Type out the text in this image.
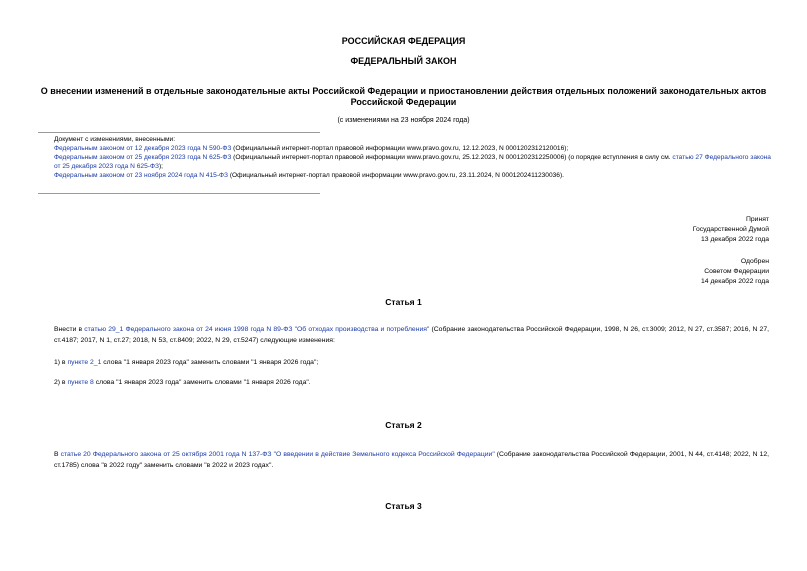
РОССИЙСКАЯ ФЕДЕРАЦИЯ
ФЕДЕРАЛЬНЫЙ ЗАКОН
О внесении изменений в отдельные законодательные акты Российской Федерации и приостановлении действия отдельных положений законодательных актов Российской Федерации
(с изменениями на 23 ноября 2024 года)
Документ с изменениями, внесенными:
Федеральным законом от 12 декабря 2023 года N 590-ФЗ (Официальный интернет-портал правовой информации www.pravo.gov.ru, 12.12.2023, N 0001202312120016);
Федеральным законом от 25 декабря 2023 года N 625-ФЗ (Официальный интернет-портал правовой информации www.pravo.gov.ru, 25.12.2023, N 0001202312250006) (о порядке вступления в силу см. статью 27 Федерального закона от 25 декабря 2023 года N 625-ФЗ);
Федеральным законом от 23 ноября 2024 года N 415-ФЗ (Официальный интернет-портал правовой информации www.pravo.gov.ru, 23.11.2024, N 0001202411230036).
Принят
Государственной Думой
13 декабря 2022 года
Одобрен
Советом Федерации
14 декабря 2022 года
Статья 1
Внести в статью 29_1 Федерального закона от 24 июня 1998 года N 89-ФЗ "Об отходах производства и потребления" (Собрание законодательства Российской Федерации, 1998, N 26, ст.3009; 2012, N 27, ст.3587; 2016, N 27, ст.4187; 2017, N 1, ст.27; 2018, N 53, ст.8409; 2022, N 29, ст.5247) следующие изменения:
1) в пункте 2_1 слова "1 января 2023 года" заменить словами "1 января 2026 года";
2) в пункте 8 слова "1 января 2023 года" заменить словами "1 января 2026 года".
Статья 2
В статье 20 Федерального закона от 25 октября 2001 года N 137-ФЗ "О введении в действие Земельного кодекса Российской Федерации" (Собрание законодательства Российской Федерации, 2001, N 44, ст.4148; 2022, N 12, ст.1785) слова "в 2022 году" заменить словами "в 2022 и 2023 годах".
Статья 3
